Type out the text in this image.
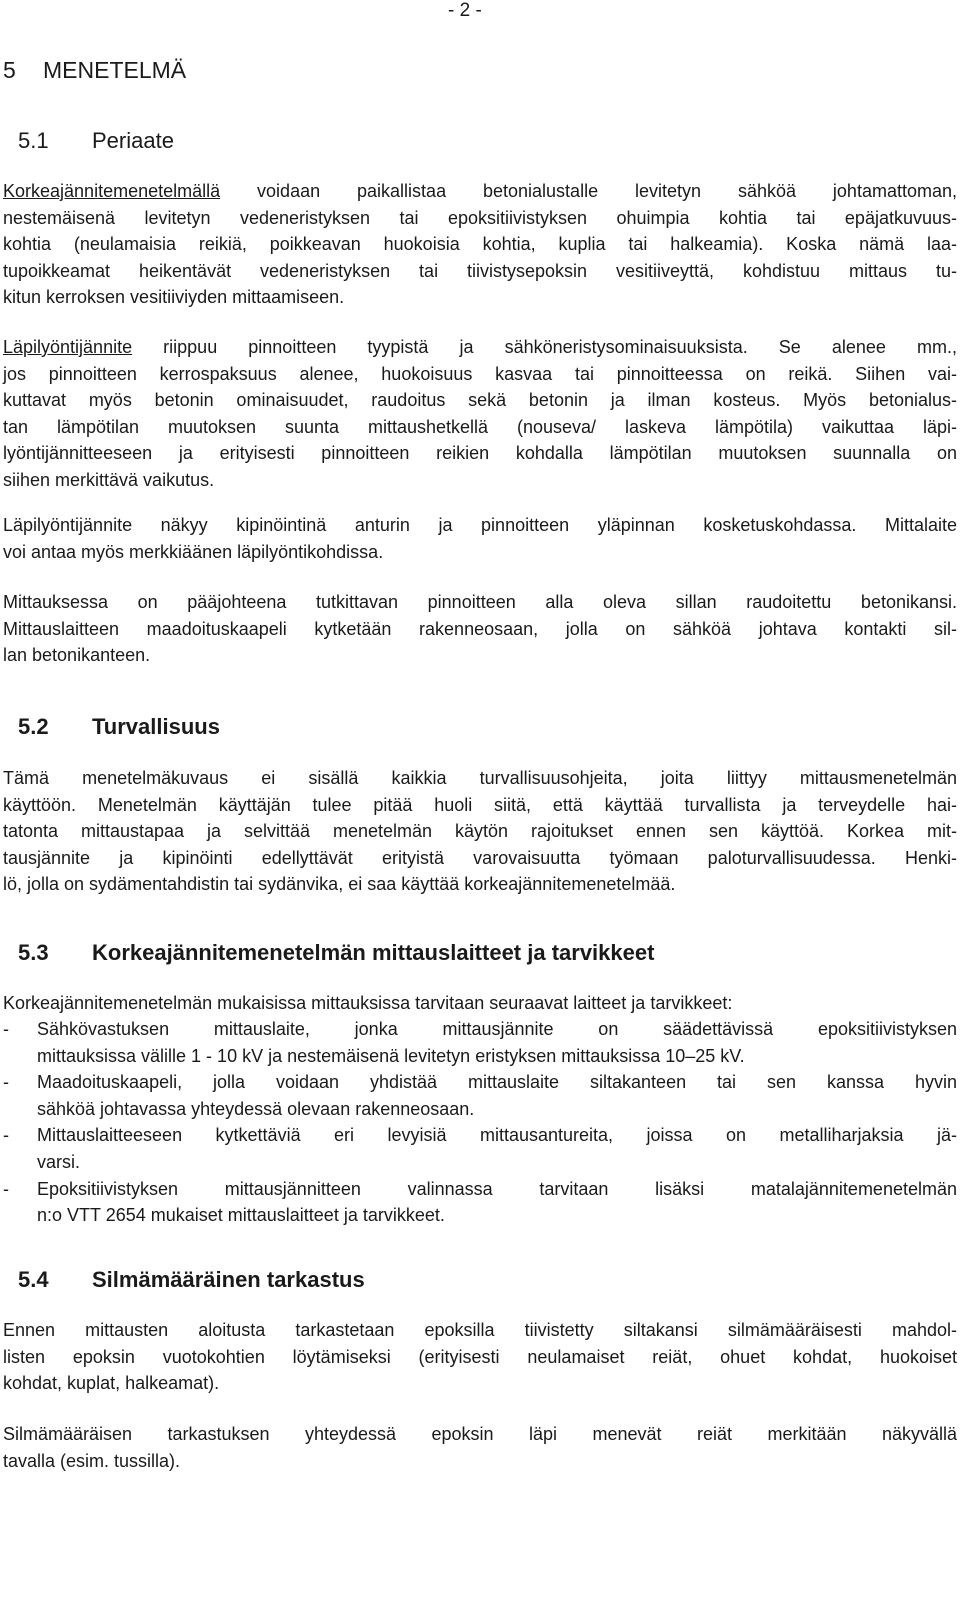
- 2 -
5 MENETELMÄ
5.1 Periaate
Korkeajännitemenetelmällä voidaan paikallistaa betonialustalle levitetyn sähköä johtamattoman,
nestemäisenä levitetyn vedeneristyksen tai epoksitiivistyksen ohuimpia kohtia tai epäjatkuvuus-
kohtia (neulamaisia reikiä, poikkeavan huokoisia kohtia, kuplia tai halkeamia). Koska nämä laa-
tupoikkeamat heikentävät vedeneristyksen tai tiivistysepoksin vesitiiveyttä, kohdistuu mittaus tu-
kitun kerroksen vesitiiviyden mittaamiseen.
Läpilyöntijännite riippuu pinnoitteen tyypistä ja sähköneristysominaisuuksista. Se alenee mm.,
jos pinnoitteen kerrospaksuus alenee, huokoisuus kasvaa tai pinnoitteessa on reikä. Siihen vai-
kuttavat myös betonin ominaisuudet, raudoitus sekä betonin ja ilman kosteus. Myös betonialus-
tan lämpötilan muutoksen suunta mittaushetkellä (nouseva/ laskeva lämpötila) vaikuttaa läpi-
lyöntijännitteeseen ja erityisesti pinnoitteen reikien kohdalla lämpötilan muutoksen suunnalla on
siihen merkittävä vaikutus.
Läpilyöntijännite näkyy kipinöintinä anturin ja pinnoitteen yläpinnan kosketuskohdassa. Mittalaite
voi antaa myös merkkiäänen läpilyöntikohdissa.
Mittauksessa on pääjohteena tutkittavan pinnoitteen alla oleva sillan raudoitettu betonikansi.
Mittauslaitteen maadoituskaapeli kytketään rakenneosaan, jolla on sähköä johtava kontakti sil-
lan betonikanteen.
5.2 Turvallisuus
Tämä menetelmäkuvaus ei sisällä kaikkia turvallisuusohjeita, joita liittyy mittausmenetelmän
käyttöön. Menetelmän käyttäjän tulee pitää huoli siitä, että käyttää turvallista ja terveydelle hai-
tatonta mittaustapaa ja selvittää menetelmän käytön rajoitukset ennen sen käyttöä. Korkea mit-
tausjännite ja kipinöinti edellyttävät erityistä varovaisuutta työmaan paloturvallisuudessa. Henki-
lö, jolla on sydämentahdistin tai sydänvika, ei saa käyttää korkeajännitemenetelmää.
5.3 Korkeajännitemenetelmän mittauslaitteet ja tarvikkeet
Korkeajännitemenetelmän mukaisissa mittauksissa tarvitaan seuraavat laitteet ja tarvikkeet:
- Sähkövastuksen mittauslaite, jonka mittausjännite on säädettävissä epoksitiivistyksen
mittauksissa välille 1 - 10 kV ja nestemäisenä levitetyn eristyksen mittauksissa 10–25 kV.
- Maadoituskaapeli, jolla voidaan yhdistää mittauslaite siltakanteen tai sen kanssa hyvin
sähköä johtavassa yhteydessä olevaan rakenneosaan.
- Mittauslaitteeseen kytkettäviä eri levyisiä mittausantureita, joissa on metalliharjaksia jä-
varsi.
- Epoksitiivistyksen mittausjännitteen valinnassa tarvitaan lisäksi matalajännitemenetelmän
n:o VTT 2654 mukaiset mittauslaitteet ja tarvikkeet.
5.4 Silmämääräinen tarkastus
Ennen mittausten aloitusta tarkastetaan epoksilla tiivistetty siltakansi silmämääräisesti mahdol-
listen epoksin vuotokohtien löytämiseksi (erityisesti neulamaiset reiät, ohuet kohdat, huokoiset
kohdat, kuplat, halkeamat).
Silmämääräisen tarkastuksen yhteydessä epoksin läpi menevät reiät merkitään näkyvällä
tavalla (esim. tussilla).
